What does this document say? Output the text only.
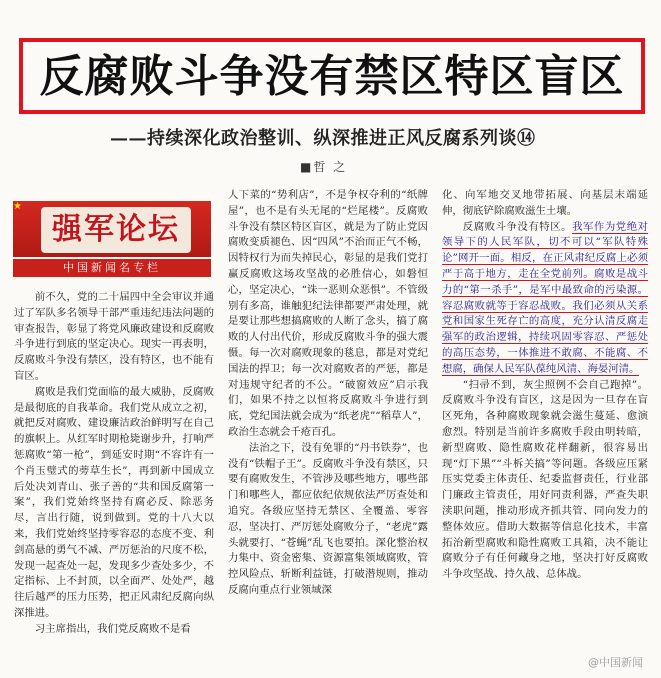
反腐败斗争没有禁区特区盲区
——持续深化政治整训、纵深推进正风反腐系列谈⑭
■哲 之
★
强军论坛
中国新闻名专栏

前不久，党的二十届四中全会审议并通过了军队多名领导干部严重违纪违法问题的审查报告，彰显了将党风廉政建设和反腐败斗争进行到底的坚定决心。现实一再表明，反腐败斗争没有禁区，没有特区，也不能有盲区。

腐败是我们党面临的最大威胁，反腐败是最彻底的自我革命。我们党从成立之初，就把反对腐败、建设廉洁政治鲜明写在自己的旗帜上。从红军时期枪毙谢步升，打响严惩腐败“第一枪”，到延安时期“不容许有一个肖玉璧式的蒡草生长”，再到新中国成立后处决刘青山、张子善的“共和国反腐第一案”，我们党始终坚持有腐必反、除恶务尽，言出行随，说到做到。党的十八大以来，我们党始终坚持零容忍的态度不变、利剑高悬的勇气不减、严厉惩治的尺度不松，发现一起查处一起，发现多少查处多少，不定指标、上不封顶，以全面严、处处严，越往后越严的压力压势，把正风肃纪反腐向纵深推进。

习主席指出，我们党反腐败不是看

人下菜的“势利店”，不是争权夺利的“纸牌屋”，也不是有头无尾的“烂尾楼”。反腐败斗争没有禁区特区盲区，就是为了防止党因腐败变质褪色、因“四风”不治而正气不畅，因特权行为而失掉民心，彰显的是我们党打赢反腐败这场攻坚战的必胜信心，如磐恒心，坚定决心，“诛一恶则众恶惧”。不管级别有多高，谁触犯纪法律都要严肃处理，就是要让那些想搞腐败的人断了念头，搞了腐败的人付出代价，形成反腐败斗争的强大震慑。每一次对腐败现象的毯息，都是对党纪国法的捍卫；每一次对腐败者的严惩，都是对违规守纪者的不公。“破窗效应”启示我们，如果不持之以恒将反腐败斗争进行到底，党纪国法就会成为“纸老虎”“稻草人”，政治生态就会千疮百孔。

法治之下，没有免罪的“丹书铁券”，也没有“铁帽子王”。反腐败斗争没有禁区，只要有腐败发生，不管涉及哪些地方，哪些部门和哪些人，都应依纪依规依法严厉查处和追究。各级应坚持无禁区、全覆盖、零容忍，坚决打、严厉惩处腐败分子，“老虎”露头就要打、“苍蝇”乱飞也要拍。深化整治权力集中、资金密集、资源富集领域腐败，管控风险点、斩断利益链，打破潜规则，推动反腐向重点行业领域深

化、向军地交叉地带拓展、向基层末端延伸，彻底铲除腐败滋生土壤。

反腐败斗争没有特区。我军作为党绝对领导下的人民军队，切不可以“军队特殊论”网开一面。相反，在正风肃纪反腐上必须严于高于地方，走在全党前列。腐败是战斗力的“第一杀手”，是军中最致命的污染源。容忍腐败就等于容忍战败。我们必须从关系党和国家生死存亡的高度，充分认清反腐走强军的政治逻辑，持续巩固零容忍、严惩处的高压态势，一体推进不敢腐、不能腐、不想腐，确保人民军队葆纯风清、海晏河清。

“扫帚不到，灰尘照例不会自己跑掉”。反腐败斗争没有盲区，这是因为一旦存在盲区死角，各种腐败现象就会滋生蔓延、愈演愈烈。特别是当前许多腐败手段由明转暗，新型腐败、隐性腐败花样翻新，很容易出现“灯下黑”“斗柝关搞”等问题。各级应压紧压实党委主体责任、纪委监督责任，行业部门廉政主管责任，用好同责利器，严查失职渎职问题，推动形成齐抓共管、同向发力的整体效应。借助大数据等信息化技术，丰富拓治新型腐败和隐性腐败工具箱，决不能让腐败分子有任何藏身之地，坚决打好反腐败斗争攻坚战、持久战、总体战。

@中国新闻
